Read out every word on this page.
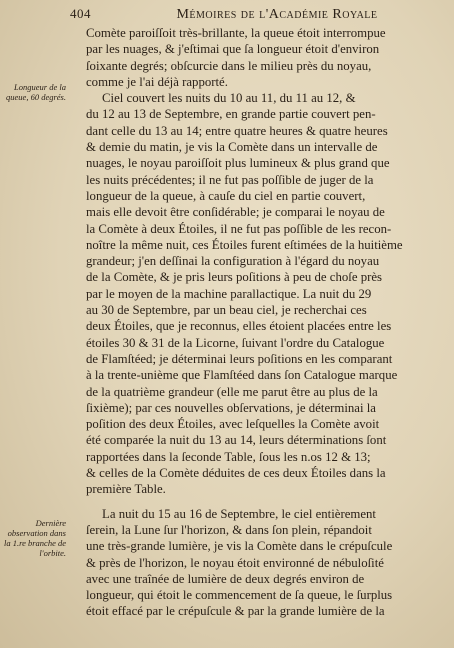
404	Mémoires de l'Académie Royale
Longueur de la queue, 60 degrés.
Dernière observation dans la 1.re branche de l'orbite.
Comète paroiſſoit très-brillante, la queue étoit interrompue
par les nuages, & j'eſtimai que ſa longueur étoit d'environ
ſoixante degrés; obſcurcie dans le milieu près du noyau,
comme je l'ai déjà rapporté.
Ciel couvert les nuits du 10 au 11, du 11 au 12, &
du 12 au 13 de Septembre, en grande partie couvert pen-
dant celle du 13 au 14; entre quatre heures & quatre heures
& demie du matin, je vis la Comète dans un intervalle de
nuages, le noyau paroiſſoit plus lumineux & plus grand que
les nuits précédentes; il ne fut pas poſſible de juger de la
longueur de la queue, à cauſe du ciel en partie couvert,
mais elle devoit être conſidérable; je comparai le noyau de
la Comète à deux Étoiles, il ne fut pas poſſible de les recon-
noître la même nuit, ces Étoiles furent eſtimées de la huitième
grandeur; j'en deſſinai la configuration à l'égard du noyau
de la Comète, & je pris leurs poſitions à peu de choſe près
par le moyen de la machine parallactique. La nuit du 29
au 30 de Septembre, par un beau ciel, je recherchai ces
deux Étoiles, que je reconnus, elles étoient placées entre les
étoiles 30 & 31 de la Licorne, ſuivant l'ordre du Catalogue
de Flamſtéed; je déterminai leurs poſitions en les comparant
à la trente-unième que Flamſtéed dans ſon Catalogue marque
de la quatrième grandeur (elle me parut être au plus de la
ſixième); par ces nouvelles obſervations, je déterminai la
poſition des deux Étoiles, avec leſquelles la Comète avoit
été comparée la nuit du 13 au 14, leurs déterminations ſont
rapportées dans la ſeconde Table, ſous les n.os 12 & 13;
& celles de la Comète déduites de ces deux Étoiles dans la
première Table.
La nuit du 15 au 16 de Septembre, le ciel entièrement
ſerein, la Lune ſur l'horizon, & dans ſon plein, répandoit
une très-grande lumière, je vis la Comète dans le crépuſcule
& près de l'horizon, le noyau étoit environné de nébuloſité
avec une traînée de lumière de deux degrés environ de
longueur, qui étoit le commencement de ſa queue, le ſurplus
étoit effacé par le crépuſcule & par la grande lumière de la
